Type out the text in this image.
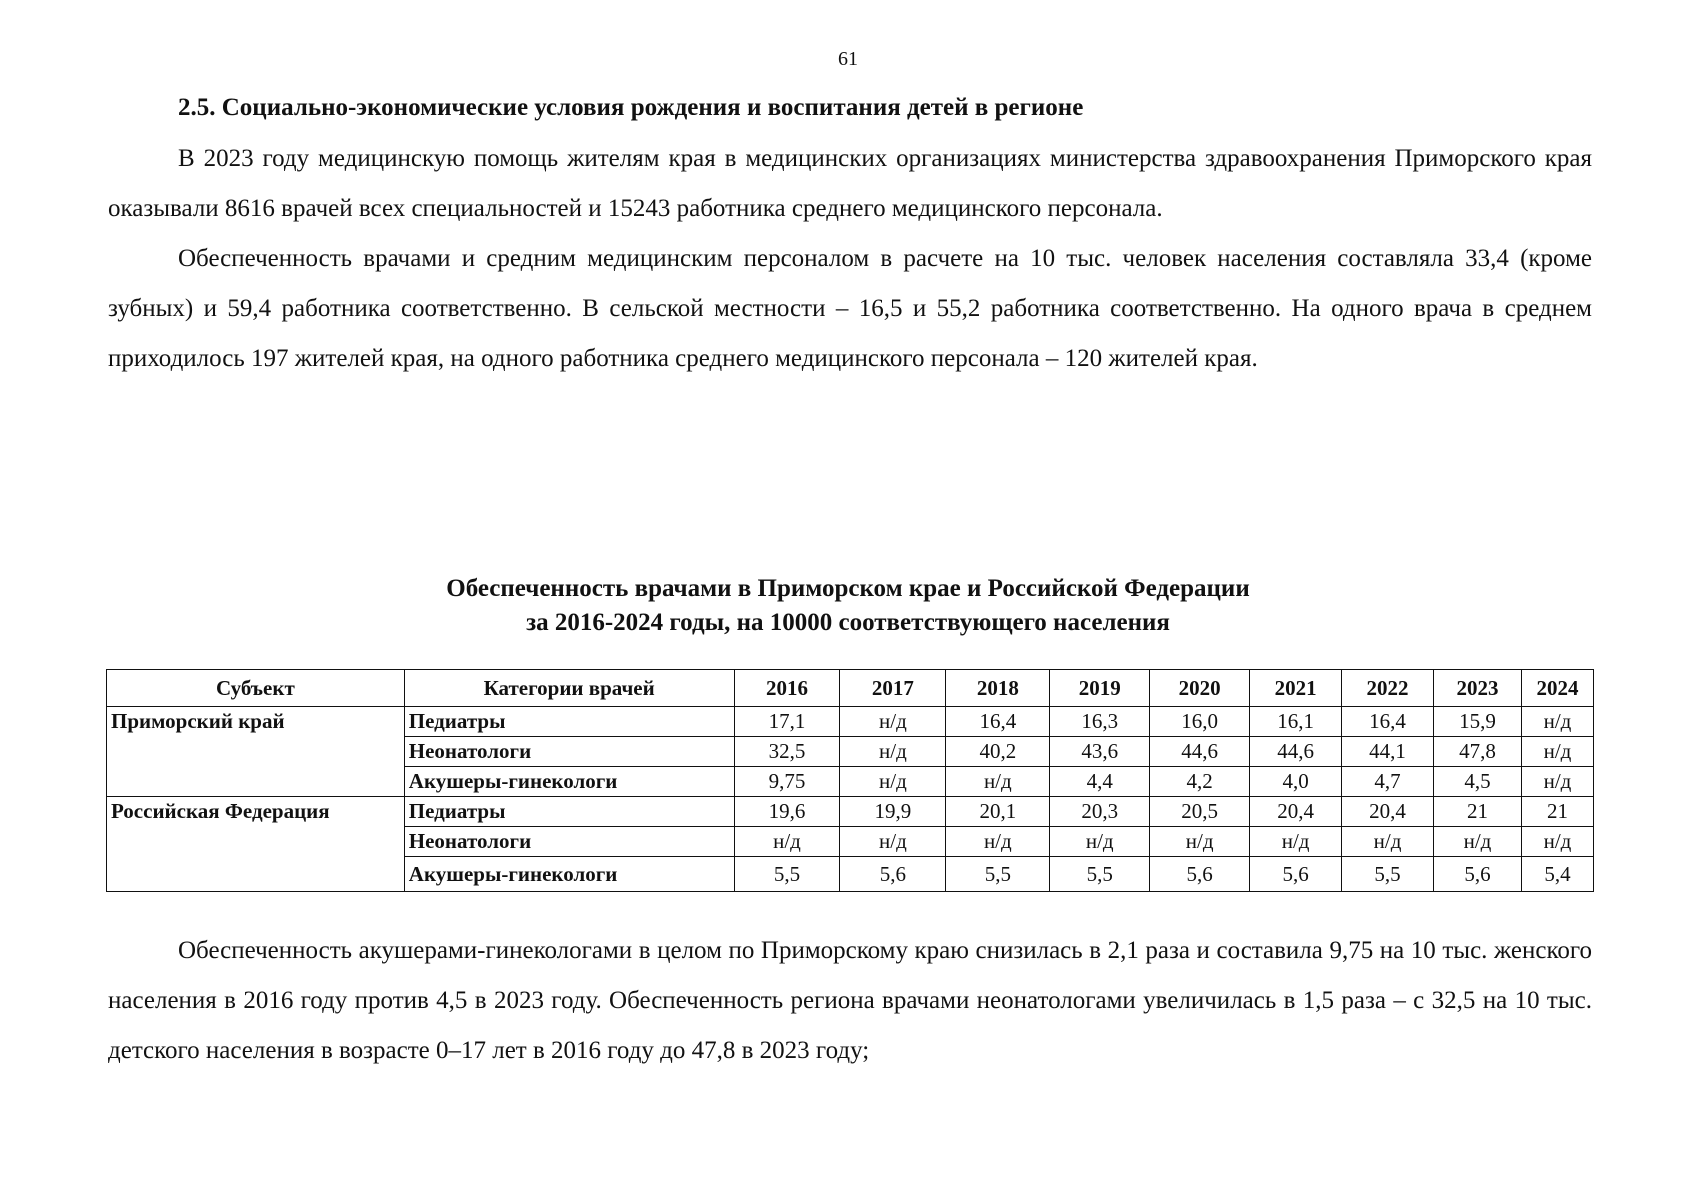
61
2.5. Социально-экономические условия рождения и воспитания детей в регионе

В 2023 году медицинскую помощь жителям края в медицинских организациях министерства здравоохранения Приморского края оказывали 8616 врачей всех специальностей и 15243 работника среднего медицинского персонала.

Обеспеченность врачами и средним медицинским персоналом в расчете на 10 тыс. человек населения составляла 33,4 (кроме зубных) и 59,4 работника соответственно. В сельской местности – 16,5 и 55,2 работника соответственно. На одного врача в среднем приходилось 197 жителей края, на одного работника среднего медицинского персонала – 120 жителей края.

Обеспеченность врачами в Приморском крае и Российской Федерации
за 2016-2024 годы, на 10000 соответствующего населения
Субъект	Категории врачей	2016	2017	2018	2019	2020	2021	2022	2023	2024
Приморский край	Педиатры	17,1	н/д	16,4	16,3	16,0	16,1	16,4	15,9	н/д
	Неонатологи	32,5	н/д	40,2	43,6	44,6	44,6	44,1	47,8	н/д
	Акушеры-гинекологи	9,75	н/д	н/д	4,4	4,2	4,0	4,7	4,5	н/д
Российская Федерация	Педиатры	19,6	19,9	20,1	20,3	20,5	20,4	20,4	21	21
	Неонатологи	н/д	н/д	н/д	н/д	н/д	н/д	н/д	н/д	н/д
	Акушеры-гинекологи	5,5	5,6	5,5	5,5	5,6	5,6	5,5	5,6	5,4

Обеспеченность акушерами-гинекологами в целом по Приморскому краю снизилась в 2,1 раза и составила 9,75 на 10 тыс. женского населения в 2016 году против 4,5 в 2023 году. Обеспеченность региона врачами неонатологами увеличилась в 1,5 раза – с 32,5 на 10 тыс. детского населения в возрасте 0–17 лет в 2016 году до 47,8 в 2023 году;
